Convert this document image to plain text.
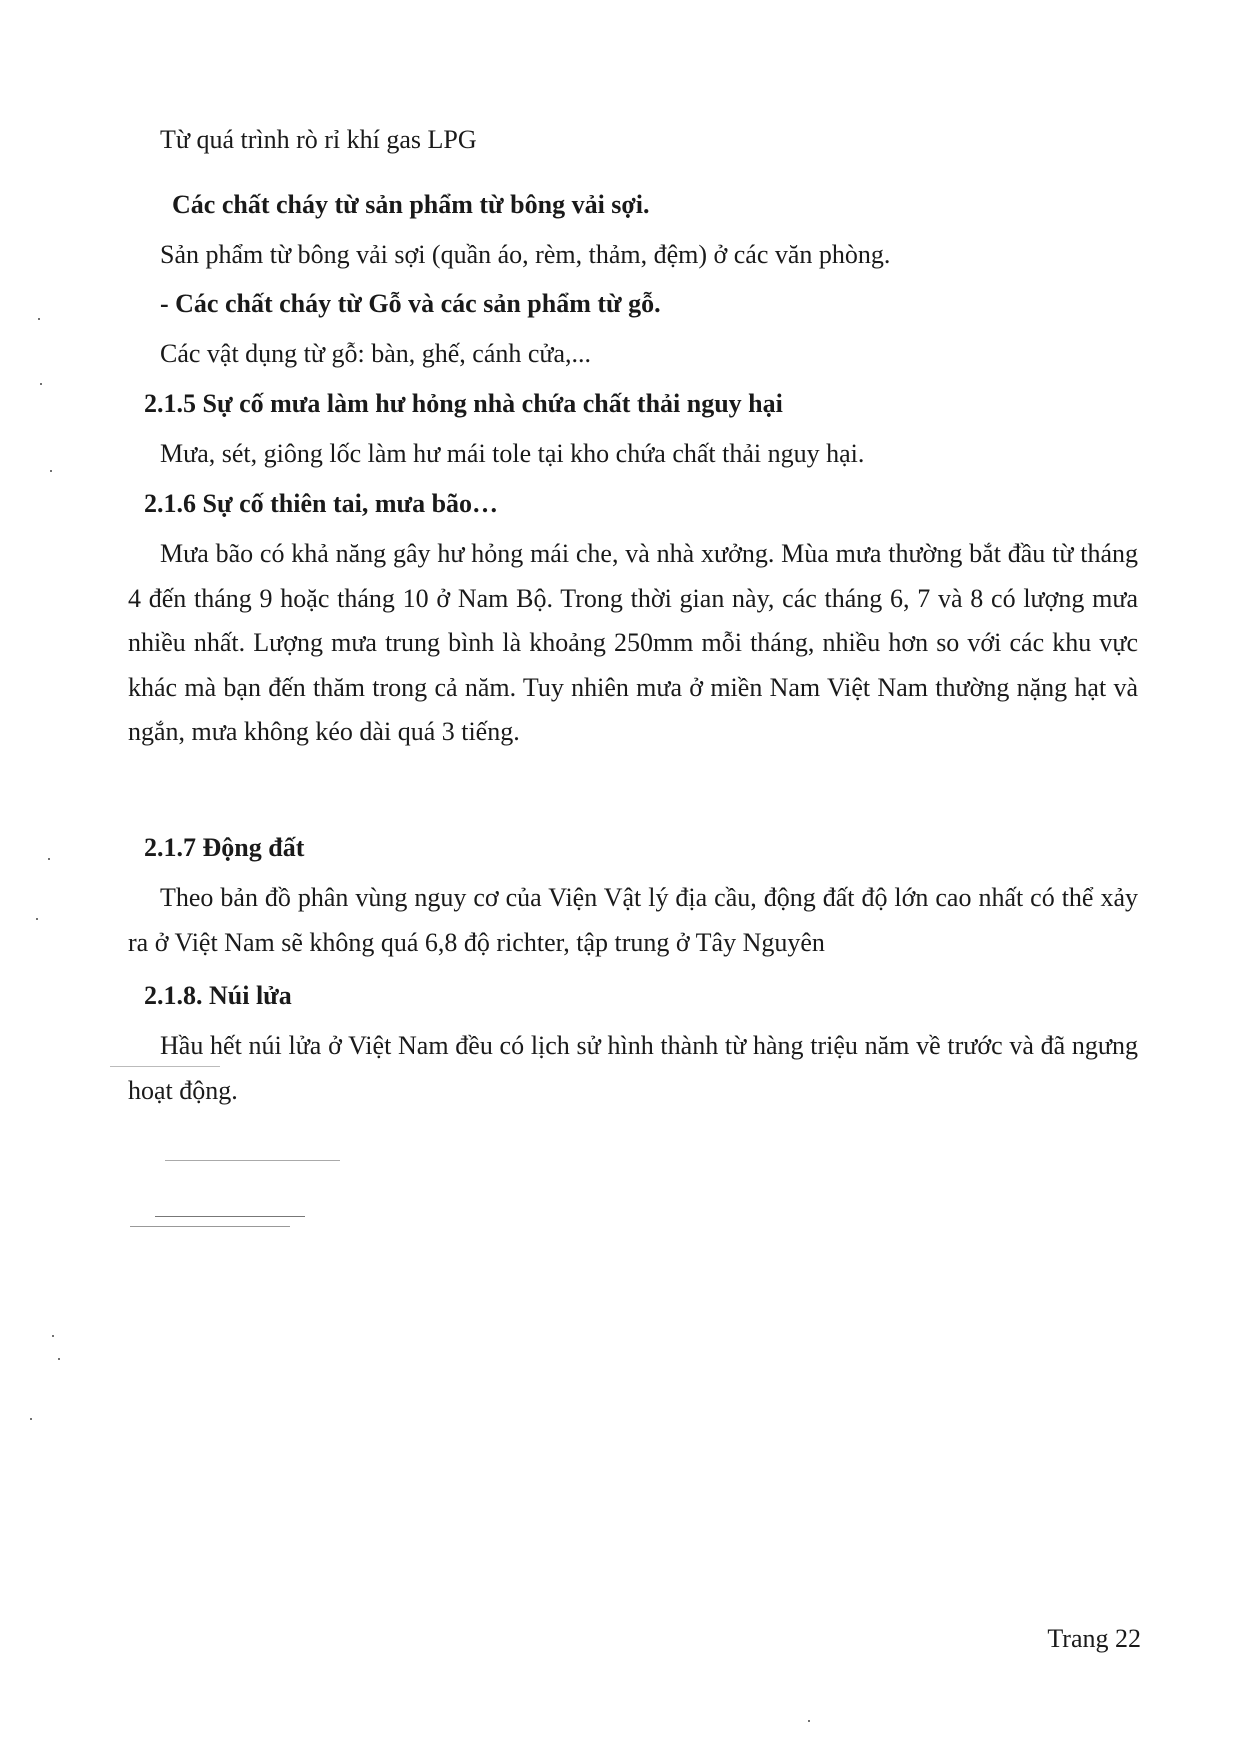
Từ quá trình rò rỉ khí gas LPG
Các chất cháy từ sản phẩm từ bông vải sợi.
Sản phẩm từ bông vải sợi (quần áo, rèm, thảm, đệm) ở các văn phòng.
- Các chất cháy từ Gỗ và các sản phẩm từ gỗ.
Các vật dụng từ gỗ: bàn, ghế, cánh cửa,...
2.1.5 Sự cố mưa làm hư hỏng nhà chứa chất thải nguy hại
Mưa, sét, giông lốc làm hư mái tole tại kho chứa chất thải nguy hại.
2.1.6 Sự cố thiên tai, mưa bão…
Mưa bão có khả năng gây hư hỏng mái che, và nhà xưởng. Mùa mưa thường bắt đầu từ tháng 4 đến tháng 9 hoặc tháng 10 ở Nam Bộ. Trong thời gian này, các tháng 6, 7 và 8 có lượng mưa nhiều nhất. Lượng mưa trung bình là khoảng 250mm mỗi tháng, nhiều hơn so với các khu vực khác mà bạn đến thăm trong cả năm. Tuy nhiên mưa ở miền Nam Việt Nam thường nặng hạt và ngắn, mưa không kéo dài quá 3 tiếng.
2.1.7 Động đất
Theo bản đồ phân vùng nguy cơ của Viện Vật lý địa cầu, động đất độ lớn cao nhất có thể xảy ra ở Việt Nam sẽ không quá 6,8 độ richter, tập trung ở Tây Nguyên
2.1.8. Núi lửa
Hầu hết núi lửa ở Việt Nam đều có lịch sử hình thành từ hàng triệu năm về trước và đã ngưng hoạt động.
Trang 22
